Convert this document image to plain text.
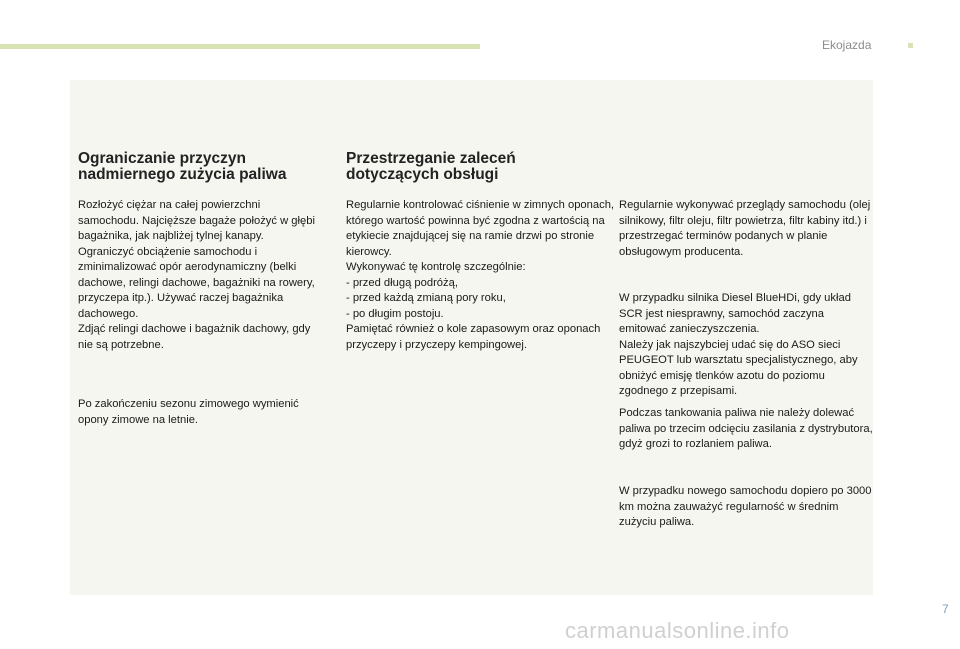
Ekojazda
Ograniczanie przyczyn
nadmiernego zużycia paliwa

Rozłożyć ciężar na całej powierzchni samochodu. Najcięższe bagaże położyć w głębi bagażnika, jak najbliżej tylnej kanapy.
Ograniczyć obciążenie samochodu i zminimalizować opór aerodynamiczny (belki dachowe, relingi dachowe, bagażniki na rowery, przyczepa itp.). Używać raczej bagażnika dachowego.
Zdjąć relingi dachowe i bagażnik dachowy, gdy nie są potrzebne.

Po zakończeniu sezonu zimowego wymienić opony zimowe na letnie.

Przestrzeganie zaleceń
dotyczących obsługi

Regularnie kontrolować ciśnienie w zimnych oponach, którego wartość powinna być zgodna z wartością na etykiecie znajdującej się na ramie drzwi po stronie kierowcy.
Wykonywać tę kontrolę szczególnie:
- przed długą podróżą,
- przed każdą zmianą pory roku,
- po długim postoju.
Pamiętać również o kole zapasowym oraz oponach przyczepy i przyczepy kempingowej.

Regularnie wykonywać przeglądy samochodu (olej silnikowy, filtr oleju, filtr powietrza, filtr kabiny itd.) i przestrzegać terminów podanych w planie obsługowym producenta.

W przypadku silnika Diesel BlueHDi, gdy układ SCR jest niesprawny, samochód zaczyna emitować zanieczyszczenia.
Należy jak najszybciej udać się do ASO sieci PEUGEOT lub warsztatu specjalistycznego, aby obniżyć emisję tlenków azotu do poziomu zgodnego z przepisami.

Podczas tankowania paliwa nie należy dolewać paliwa po trzecim odcięciu zasilania z dystrybutora, gdyż grozi to rozlaniem paliwa.

W przypadku nowego samochodu dopiero po 3000 km można zauważyć regularność w średnim zużyciu paliwa.

7
carmanualsonline.info
